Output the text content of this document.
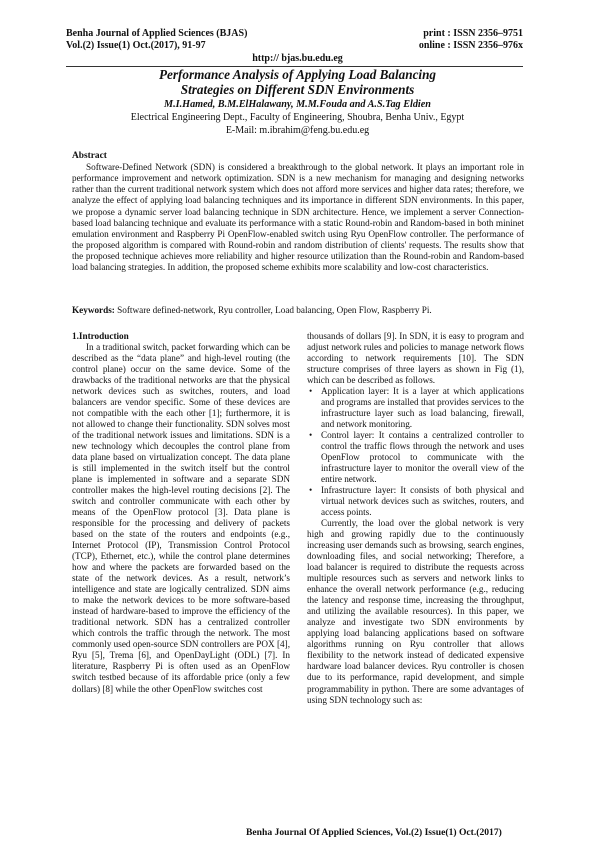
Benha Journal of Applied Sciences (BJAS)	print : ISSN 2356–9751
Vol.(2) Issue(1) Oct.(2017), 91-97	online : ISSN 2356–976x
http:// bjas.bu.edu.eg
Performance Analysis of Applying Load Balancing
Strategies on Different SDN Environments
M.I.Hamed, B.M.ElHalawany, M.M.Fouda and A.S.Tag Eldien
Electrical Engineering Dept., Faculty of Engineering, Shoubra, Benha Univ., Egypt
E-Mail: m.ibrahim@feng.bu.edu.eg
Abstract

Software-Defined Network (SDN) is considered a breakthrough to the global network. It plays an important role in performance improvement and network optimization. SDN is a new mechanism for managing and designing networks rather than the current traditional network system which does not afford more services and higher data rates; therefore, we analyze the effect of applying load balancing techniques and its importance in different SDN environments. In this paper, we propose a dynamic server load balancing technique in SDN architecture. Hence, we implement a server Connection-based load balancing technique and evaluate its performance with a static Round-robin and Random-based in both mininet emulation environment and Raspberry Pi OpenFlow-enabled switch using Ryu OpenFlow controller. The performance of the proposed algorithm is compared with Round-robin and random distribution of clients' requests. The results show that the proposed technique achieves more reliability and higher resource utilization than the Round-robin and Random-based load balancing strategies. In addition, the proposed scheme exhibits more scalability and low-cost characteristics.

Keywords: Software defined-network, Ryu controller, Load balancing, Open Flow, Raspberry Pi.

1.Introduction

In a traditional switch, packet forwarding which can be described as the “data plane” and high-level routing (the control plane) occur on the same device. Some of the drawbacks of the traditional networks are that the physical network devices such as switches, routers, and load balancers are vendor specific. Some of these devices are not compatible with the each other [1]; furthermore, it is not allowed to change their functionality. SDN solves most of the traditional network issues and limitations. SDN is a new technology which decouples the control plane from data plane based on virtualization concept. The data plane is still implemented in the switch itself but the control plane is implemented in software and a separate SDN controller makes the high-level routing decisions [2]. The switch and controller communicate with each other by means of the OpenFlow protocol [3]. Data plane is responsible for the processing and delivery of packets based on the state of the routers and endpoints (e.g., Internet Protocol (IP), Transmission Control Protocol (TCP), Ethernet, etc.), while the control plane determines how and where the packets are forwarded based on the state of the network devices. As a result, network’s intelligence and state are logically centralized. SDN aims to make the network devices to be more software-based instead of hardware-based to improve the efficiency of the traditional network. SDN has a centralized controller which controls the traffic through the network. The most commonly used open-source SDN controllers are POX [4], Ryu [5], Trema [6], and OpenDayLight (ODL) [7]. In literature, Raspberry Pi is often used as an OpenFlow switch testbed because of its affordable price (only a few dollars) [8] while the other OpenFlow switches cost

thousands of dollars [9]. In SDN, it is easy to program and adjust network rules and policies to manage network flows according to network requirements [10]. The SDN structure comprises of three layers as shown in Fig (1), which can be described as follows.

• Application layer: It is a layer at which applications and programs are installed that provides services to the infrastructure layer such as load balancing, firewall, and network monitoring.

• Control layer: It contains a centralized controller to control the traffic flows through the network and uses OpenFlow protocol to communicate with the infrastructure layer to monitor the overall view of the entire network.

• Infrastructure layer: It consists of both physical and virtual network devices such as switches, routers, and access points.

Currently, the load over the global network is very high and growing rapidly due to the continuously increasing user demands such as browsing, search engines, downloading files, and social networking; Therefore, a load balancer is required to distribute the requests across multiple resources such as servers and network links to enhance the overall network performance (e.g., reducing the latency and response time, increasing the throughput, and utilizing the available resources). In this paper, we analyze and investigate two SDN environments by applying load balancing applications based on software algorithms running on Ryu controller that allows flexibility to the network instead of dedicated expensive hardware load balancer devices. Ryu controller is chosen due to its performance, rapid development, and simple programmability in python. There are some advantages of using SDN technology such as:

Benha Journal Of Applied Sciences, Vol.(2) Issue(1) Oct.(2017)
